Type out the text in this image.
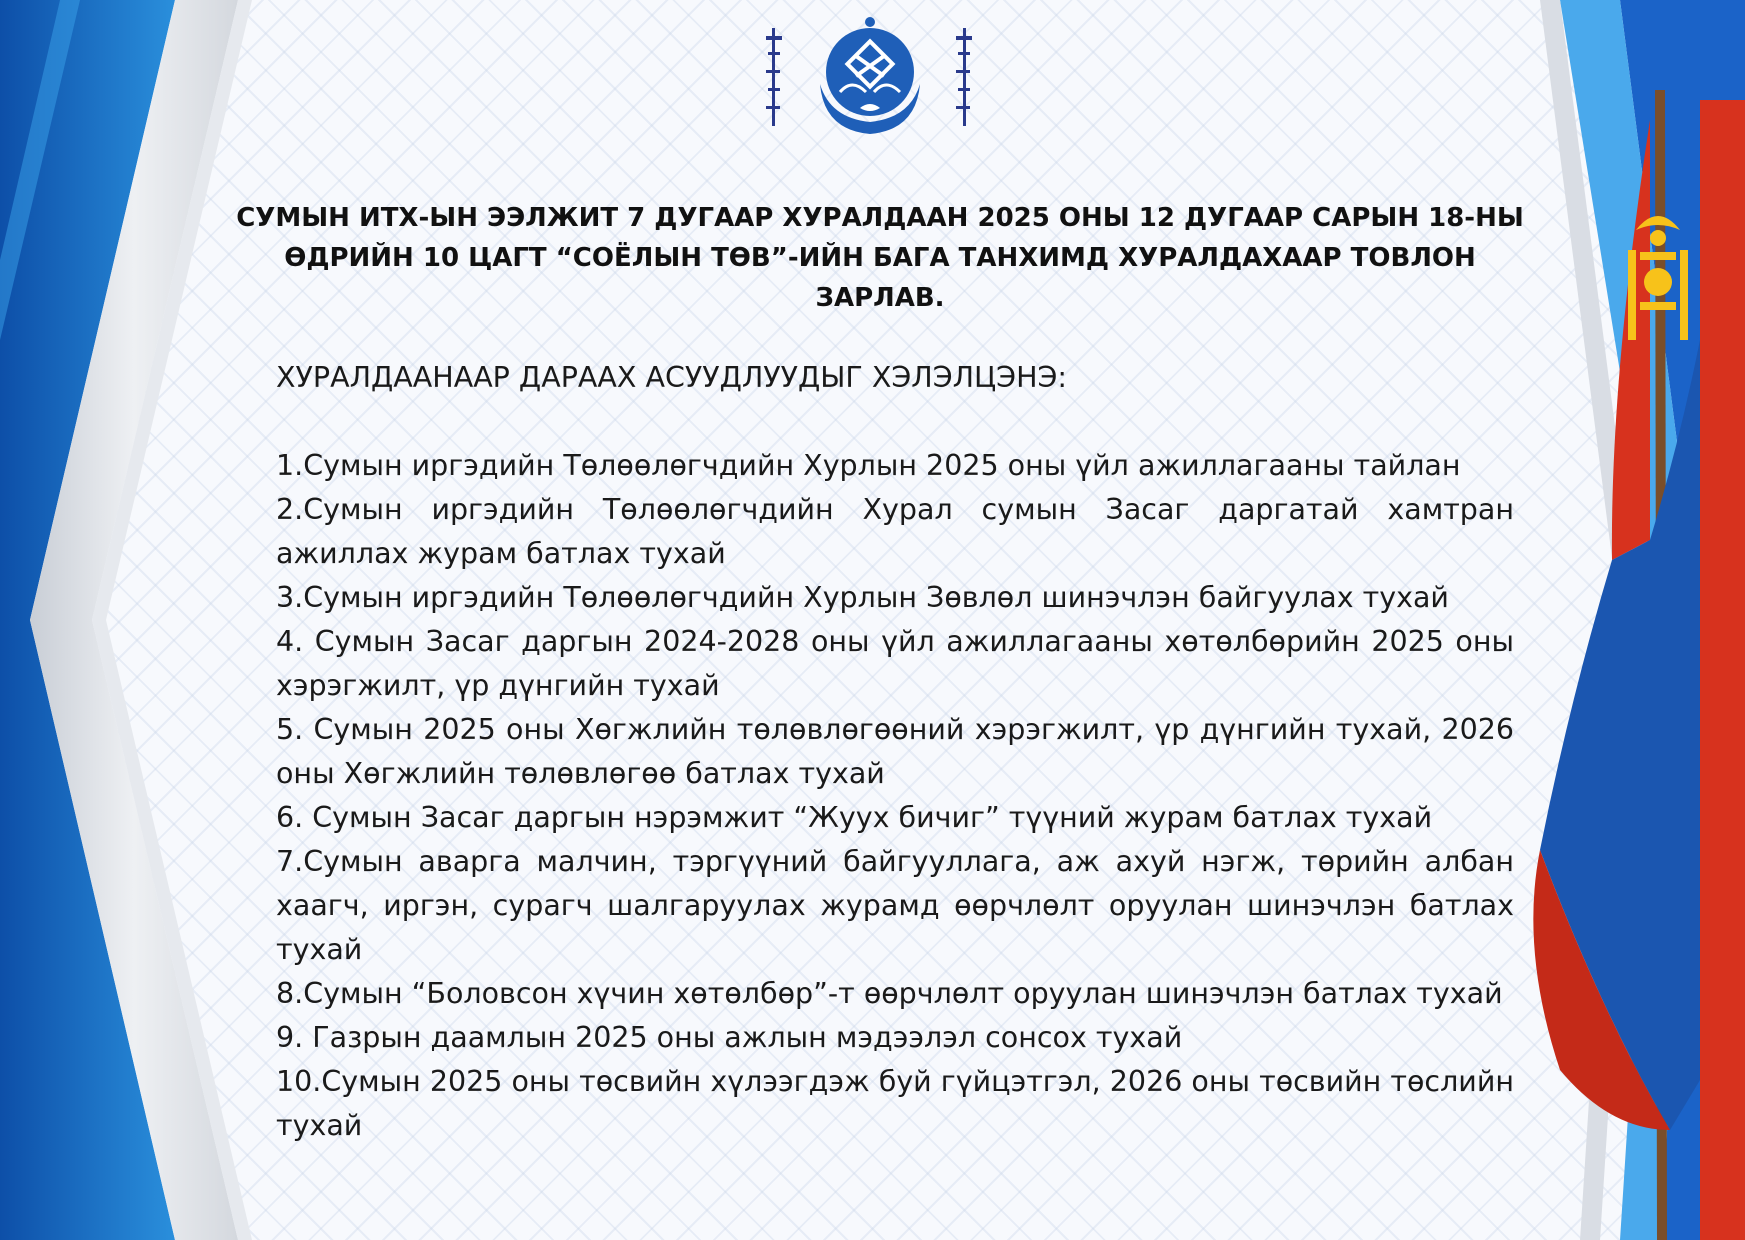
СУМЫН ИТХ-ЫН ЭЭЛЖИТ 7 ДУГААР ХУРАЛДААН 2025 ОНЫ 12 ДУГААР САРЫН 18-НЫ ӨДРИЙН 10 ЦАГТ “СОЁЛЫН ТӨВ”-ИЙН БАГА ТАНХИМД ХУРАЛДАХААР ТОВЛОН ЗАРЛАВ.

ХУРАЛДААНААР ДАРААХ АСУУДЛУУДЫГ ХЭЛЭЛЦЭНЭ:

1.Сумын иргэдийн Төлөөлөгчдийн Хурлын 2025 оны үйл ажиллагааны тайлан
2.Сумын иргэдийн Төлөөлөгчдийн Хурал сумын Засаг даргатай хамтран ажиллах журам батлах тухай
3.Сумын иргэдийн Төлөөлөгчдийн Хурлын Зөвлөл шинэчлэн байгуулах тухай
4. Сумын Засаг даргын 2024-2028 оны үйл ажиллагааны хөтөлбөрийн 2025 оны хэрэгжилт, үр дүнгийн тухай
5. Сумын 2025 оны Хөгжлийн төлөвлөгөөний хэрэгжилт, үр дүнгийн тухай, 2026 оны Хөгжлийн төлөвлөгөө батлах тухай
6. Сумын Засаг даргын нэрэмжит “Жуух бичиг” түүний журам батлах тухай
7.Сумын аварга малчин, тэргүүний байгууллага, аж ахуй нэгж, төрийн албан хаагч, иргэн, сурагч шалгаруулах журамд өөрчлөлт оруулан шинэчлэн батлах тухай
8.Сумын “Боловсон хүчин хөтөлбөр”-т өөрчлөлт оруулан шинэчлэн батлах тухай
9. Газрын даамлын 2025 оны ажлын мэдээлэл сонсох тухай
10.Сумын 2025 оны төсвийн хүлээгдэж буй гүйцэтгэл, 2026 оны төсвийн төслийн тухай
